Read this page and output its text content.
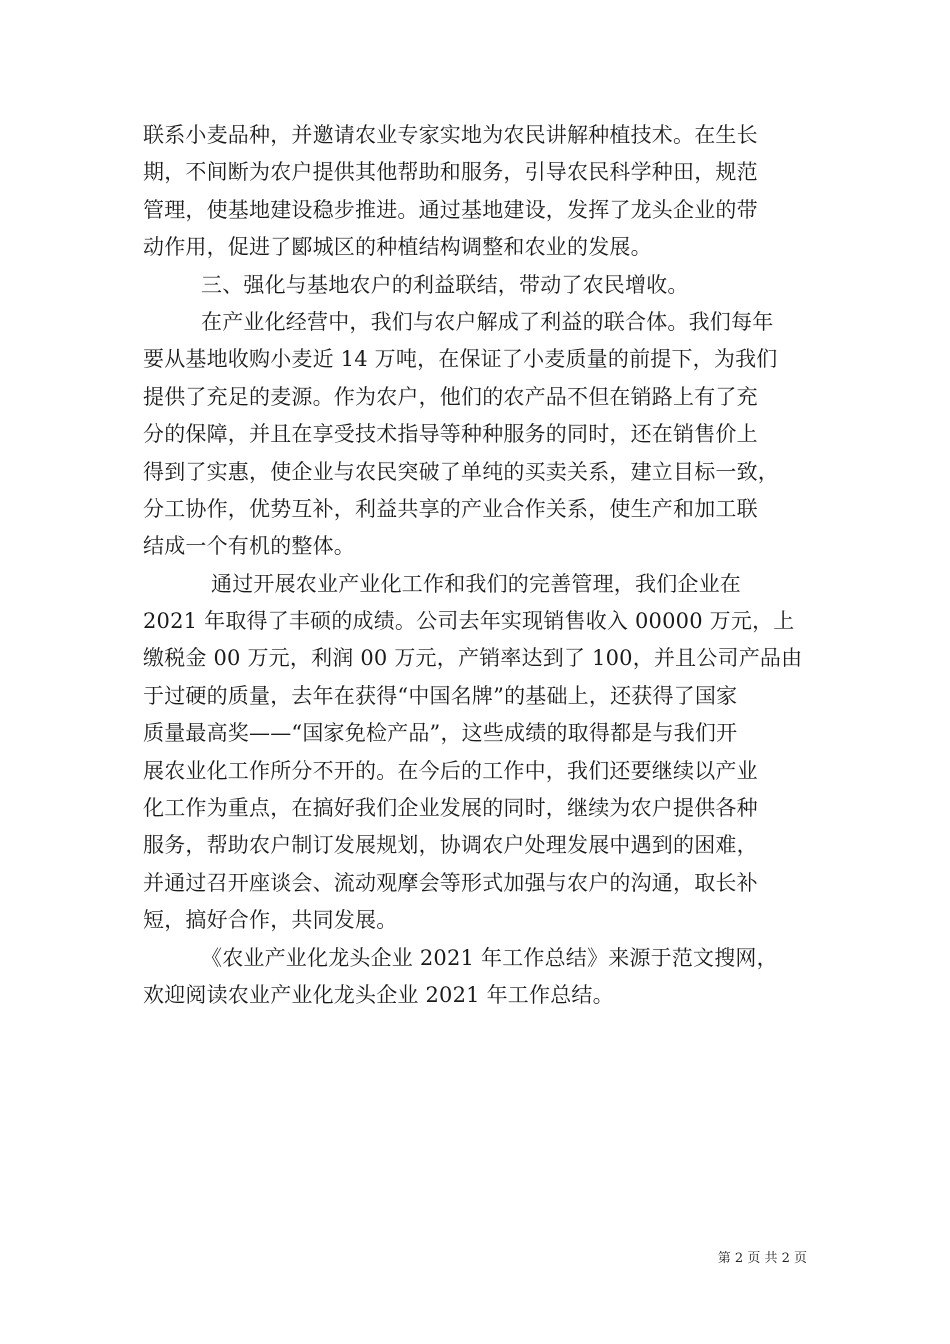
联系小麦品种，并邀请农业专家实地为农民讲解种植技术。在生长
期，不间断为农户提供其他帮助和服务，引导农民科学种田，规范
管理，使基地建设稳步推进。通过基地建设，发挥了龙头企业的带
动作用，促进了郾城区的种植结构调整和农业的发展。
三、强化与基地农户的利益联结，带动了农民增收。
在产业化经营中，我们与农户解成了利益的联合体。我们每年
要从基地收购小麦近 14 万吨，在保证了小麦质量的前提下，为我们
提供了充足的麦源。作为农户，他们的农产品不但在销路上有了充
分的保障，并且在享受技术指导等种种服务的同时，还在销售价上
得到了实惠，使企业与农民突破了单纯的买卖关系，建立目标一致，
分工协作，优势互补，利益共享的产业合作关系，使生产和加工联
结成一个有机的整体。
通过开展农业产业化工作和我们的完善管理，我们企业在
2021 年取得了丰硕的成绩。公司去年实现销售收入 00000 万元，上
缴税金 00 万元，利润 00 万元，产销率达到了 100，并且公司产品由
于过硬的质量，去年在获得“中国名牌”的基础上，还获得了国家
质量最高奖——“国家免检产品”，这些成绩的取得都是与我们开
展农业化工作所分不开的。在今后的工作中，我们还要继续以产业
化工作为重点，在搞好我们企业发展的同时，继续为农户提供各种
服务，帮助农户制订发展规划，协调农户处理发展中遇到的困难，
并通过召开座谈会、流动观摩会等形式加强与农户的沟通，取长补
短，搞好合作，共同发展。
《农业产业化龙头企业 2021 年工作总结》来源于范文搜网，
欢迎阅读农业产业化龙头企业 2021 年工作总结。
第 2 页 共 2 页
